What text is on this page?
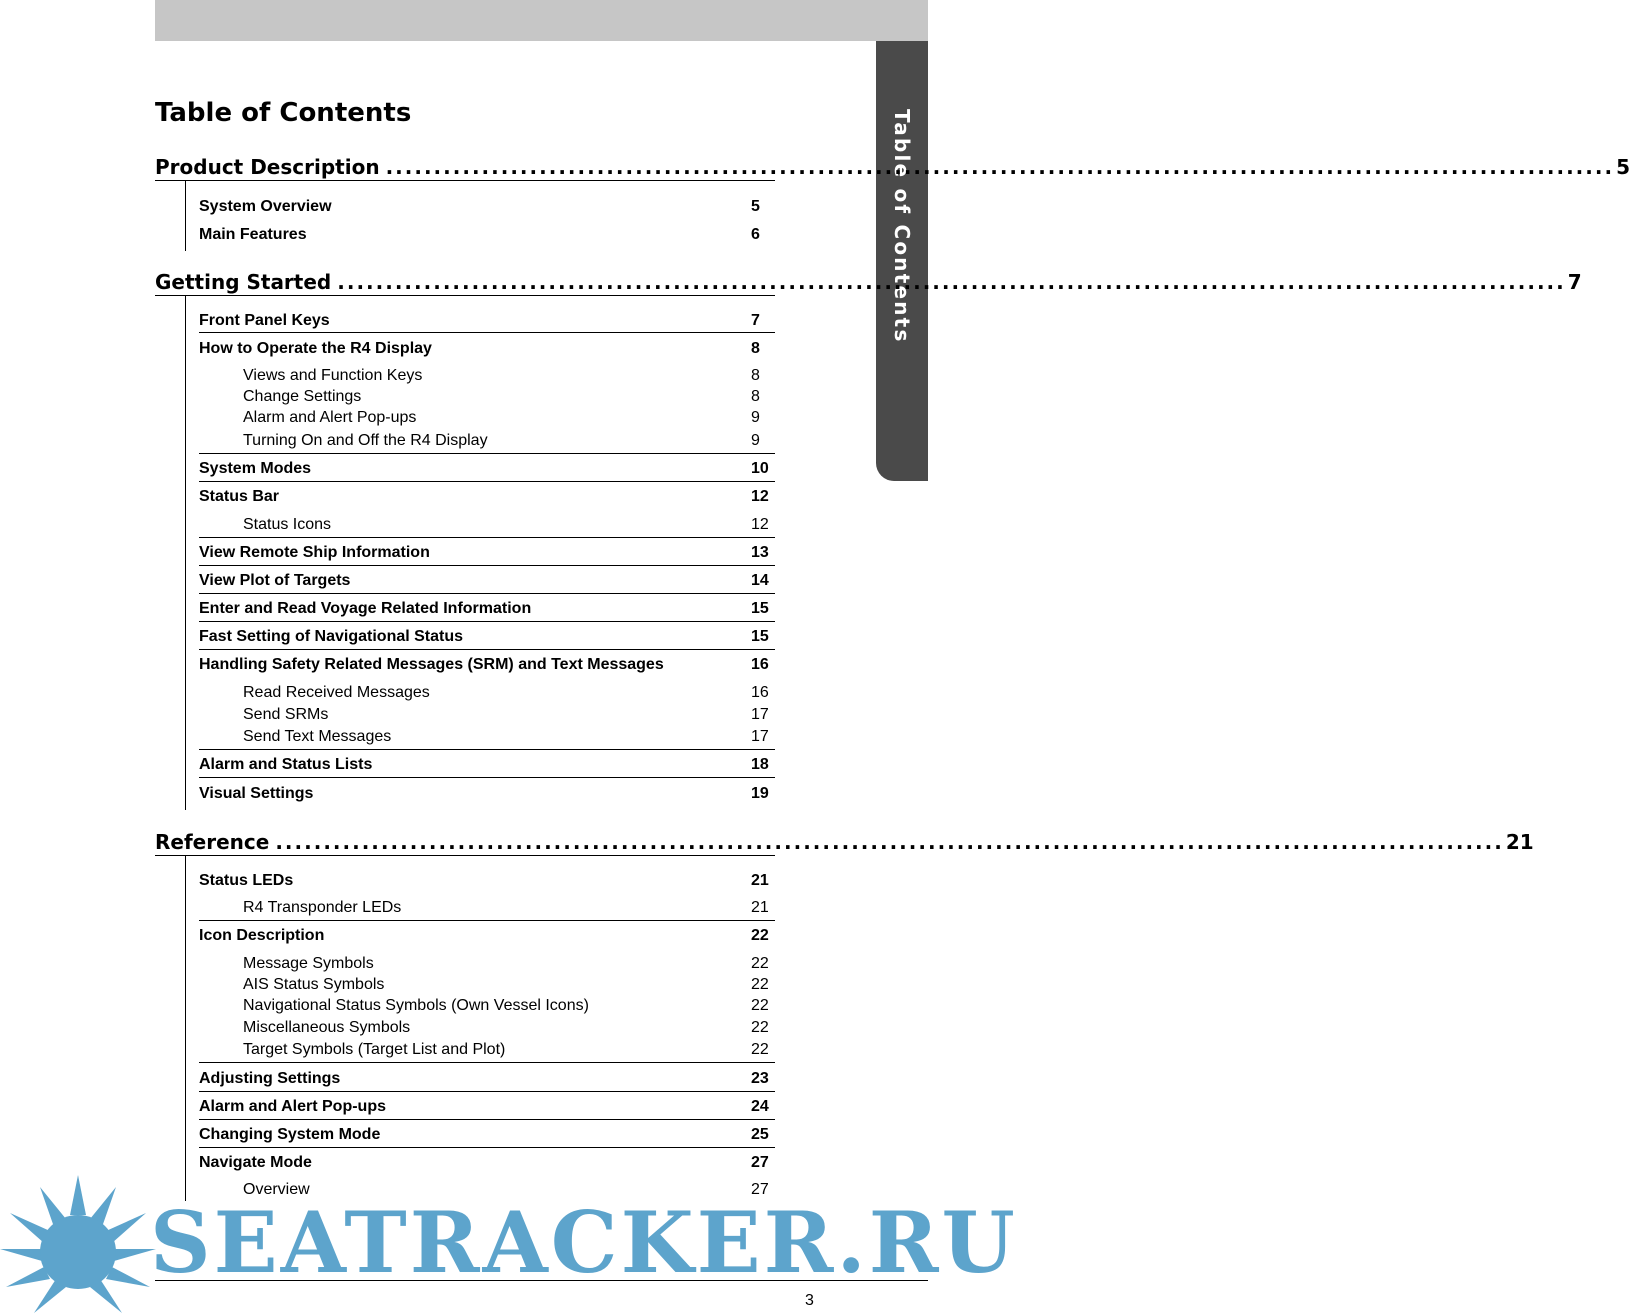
Table of Contents
Table of Contents
Product Description .....	5
System Overview	5
Main Features	6
Getting Started .....	7
Front Panel Keys	7
How to Operate the R4 Display	8
Views and Function Keys	8
Change Settings	8
Alarm and Alert Pop-ups	9
Turning On and Off the R4 Display	9
System Modes	10
Status Bar	12
Status Icons	12
View Remote Ship Information	13
View Plot of Targets	14
Enter and Read Voyage Related Information	15
Fast Setting of Navigational Status	15
Handling Safety Related Messages (SRM) and Text Messages	16
Read Received Messages	16
Send SRMs	17
Send Text Messages	17
Alarm and Status Lists	18
Visual Settings	19
Reference .....	21
Status LEDs	21
R4 Transponder LEDs	21
Icon Description	22
Message Symbols	22
AIS Status Symbols	22
Navigational Status Symbols (Own Vessel Icons)	22
Miscellaneous Symbols	22
Target Symbols (Target List and Plot)	22
Adjusting Settings	23
Alarm and Alert Pop-ups	24
Changing System Mode	25
Navigate Mode	27
Overview	27
3
SEATRACKER.RU
